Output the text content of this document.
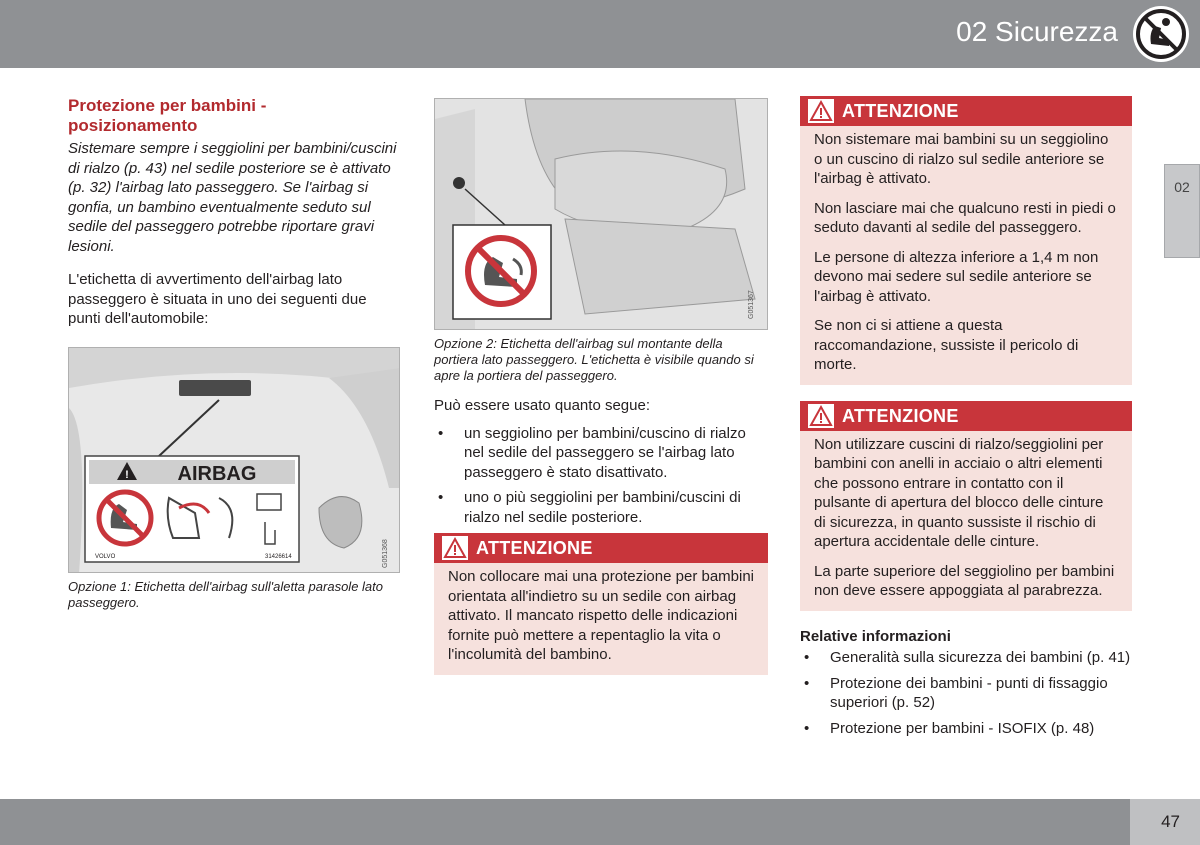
02 Sicurezza
02
Protezione per bambini - posizionamento

Sistemare sempre i seggiolini per bambini/cuscini di rialzo (p. 43) nel sedile posteriore se è attivato (p. 32) l'airbag lato passeggero. Se l'airbag si gonfia, un bambino eventualmente seduto sul sedile del passeggero potrebbe riportare gravi lesioni.

L'etichetta di avvertimento dell'airbag lato passeggero è situata in uno dei seguenti due punti dell'automobile:

! AIRBAG
VOLVO	31426614	G051368

Opzione 1: Etichetta dell'airbag sull'aletta parasole lato passeggero.

G051367

Opzione 2: Etichetta dell'airbag sul montante della portiera lato passeggero. L'etichetta è visibile quando si apre la portiera del passeggero.

Può essere usato quanto segue:

• un seggiolino per bambini/cuscino di rialzo nel sedile del passeggero se l'airbag lato passeggero è stato disattivato.
• uno o più seggiolini per bambini/cuscini di rialzo nel sedile posteriore.
ATTENZIONE

Non collocare mai una protezione per bambini orientata all'indietro su un sedile con airbag attivato. Il mancato rispetto delle indicazioni fornite può mettere a repentaglio la vita o l'incolumità del bambino.

ATTENZIONE

Non sistemare mai bambini su un seggiolino o un cuscino di rialzo sul sedile anteriore se l'airbag è attivato.

Non lasciare mai che qualcuno resti in piedi o seduto davanti al sedile del passeggero.

Le persone di altezza inferiore a 1,4 m non devono mai sedere sul sedile anteriore se l'airbag è attivato.

Se non ci si attiene a questa raccomandazione, sussiste il pericolo di morte.

ATTENZIONE

Non utilizzare cuscini di rialzo/seggiolini per bambini con anelli in acciaio o altri elementi che possono entrare in contatto con il pulsante di apertura del blocco delle cinture di sicurezza, in quanto sussiste il rischio di apertura accidentale delle cinture.

La parte superiore del seggiolino per bambini non deve essere appoggiata al parabrezza.

Relative informazioni

• Generalità sulla sicurezza dei bambini (p. 41)
• Protezione dei bambini - punti di fissaggio superiori (p. 52)
• Protezione per bambini - ISOFIX (p. 48)
47
